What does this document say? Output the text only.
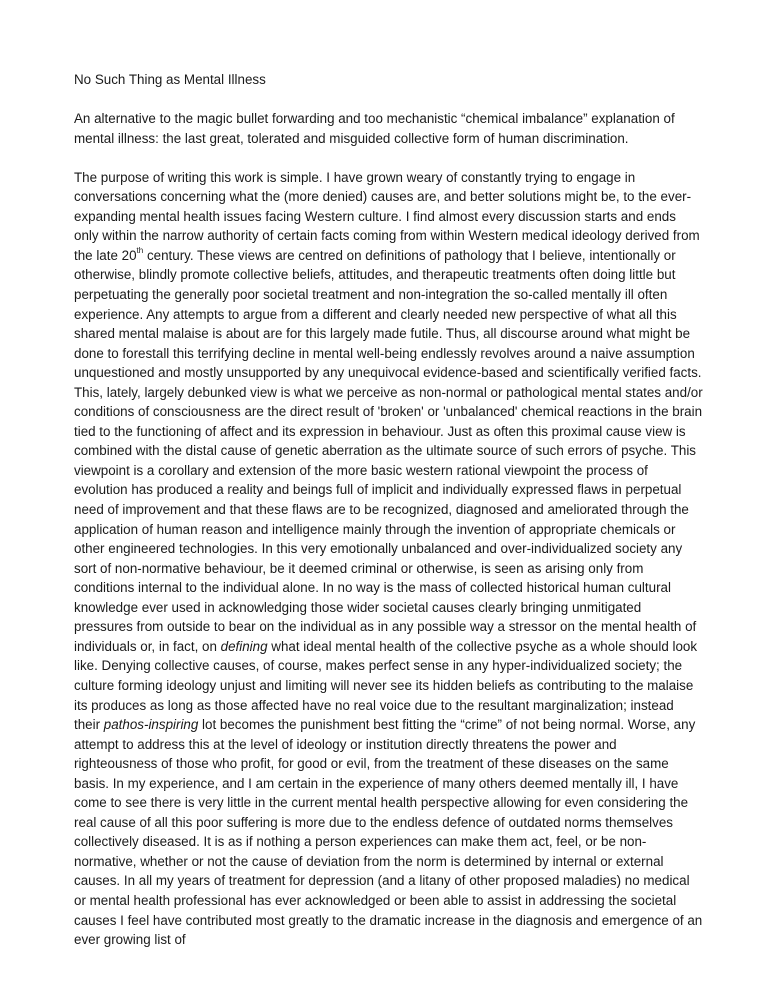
No Such Thing as Mental Illness

An alternative to the magic bullet forwarding and too mechanistic “chemical imbalance” explanation of mental illness: the last great, tolerated and misguided collective form of human discrimination.

The purpose of writing this work is simple. I have grown weary of constantly trying to engage in conversations concerning what the (more denied) causes are, and better solutions might be, to the ever-expanding mental health issues facing Western culture. I find almost every discussion starts and ends only within the narrow authority of certain facts coming from within Western medical ideology derived from the late 20th century. These views are centred on definitions of pathology that I believe, intentionally or otherwise, blindly promote collective beliefs, attitudes, and therapeutic treatments often doing little but perpetuating the generally poor societal treatment and non-integration the so-called mentally ill often experience. Any attempts to argue from a different and clearly needed new perspective of what all this shared mental malaise is about are for this largely made futile. Thus, all discourse around what might be done to forestall this terrifying decline in mental well-being endlessly revolves around a naive assumption unquestioned and mostly unsupported by any unequivocal evidence-based and scientifically verified facts. This, lately, largely debunked view is what we perceive as non-normal or pathological mental states and/or conditions of consciousness are the direct result of 'broken' or 'unbalanced' chemical reactions in the brain tied to the functioning of affect and its expression in behaviour. Just as often this proximal cause view is combined with the distal cause of genetic aberration as the ultimate source of such errors of psyche. This viewpoint is a corollary and extension of the more basic western rational viewpoint the process of evolution has produced a reality and beings full of implicit and individually expressed flaws in perpetual need of improvement and that these flaws are to be recognized, diagnosed and ameliorated through the application of human reason and intelligence mainly through the invention of appropriate chemicals or other engineered technologies. In this very emotionally unbalanced and over-individualized society any sort of non-normative behaviour, be it deemed criminal or otherwise, is seen as arising only from conditions internal to the individual alone. In no way is the mass of collected historical human cultural knowledge ever used in acknowledging those wider societal causes clearly bringing unmitigated pressures from outside to bear on the individual as in any possible way a stressor on the mental health of individuals or, in fact, on defining what ideal mental health of the collective psyche as a whole should look like. Denying collective causes, of course, makes perfect sense in any hyper-individualized society; the culture forming ideology unjust and limiting will never see its hidden beliefs as contributing to the malaise its produces as long as those affected have no real voice due to the resultant marginalization; instead their pathos-inspiring lot becomes the punishment best fitting the “crime” of not being normal. Worse, any attempt to address this at the level of ideology or institution directly threatens the power and righteousness of those who profit, for good or evil, from the treatment of these diseases on the same basis. In my experience, and I am certain in the experience of many others deemed mentally ill, I have come to see there is very little in the current mental health perspective allowing for even considering the real cause of all this poor suffering is more due to the endless defence of outdated norms themselves collectively diseased. It is as if nothing a person experiences can make them act, feel, or be non-normative, whether or not the cause of deviation from the norm is determined by internal or external causes. In all my years of treatment for depression (and a litany of other proposed maladies) no medical or mental health professional has ever acknowledged or been able to assist in addressing the societal causes I feel have contributed most greatly to the dramatic increase in the diagnosis and emergence of an ever growing list of
